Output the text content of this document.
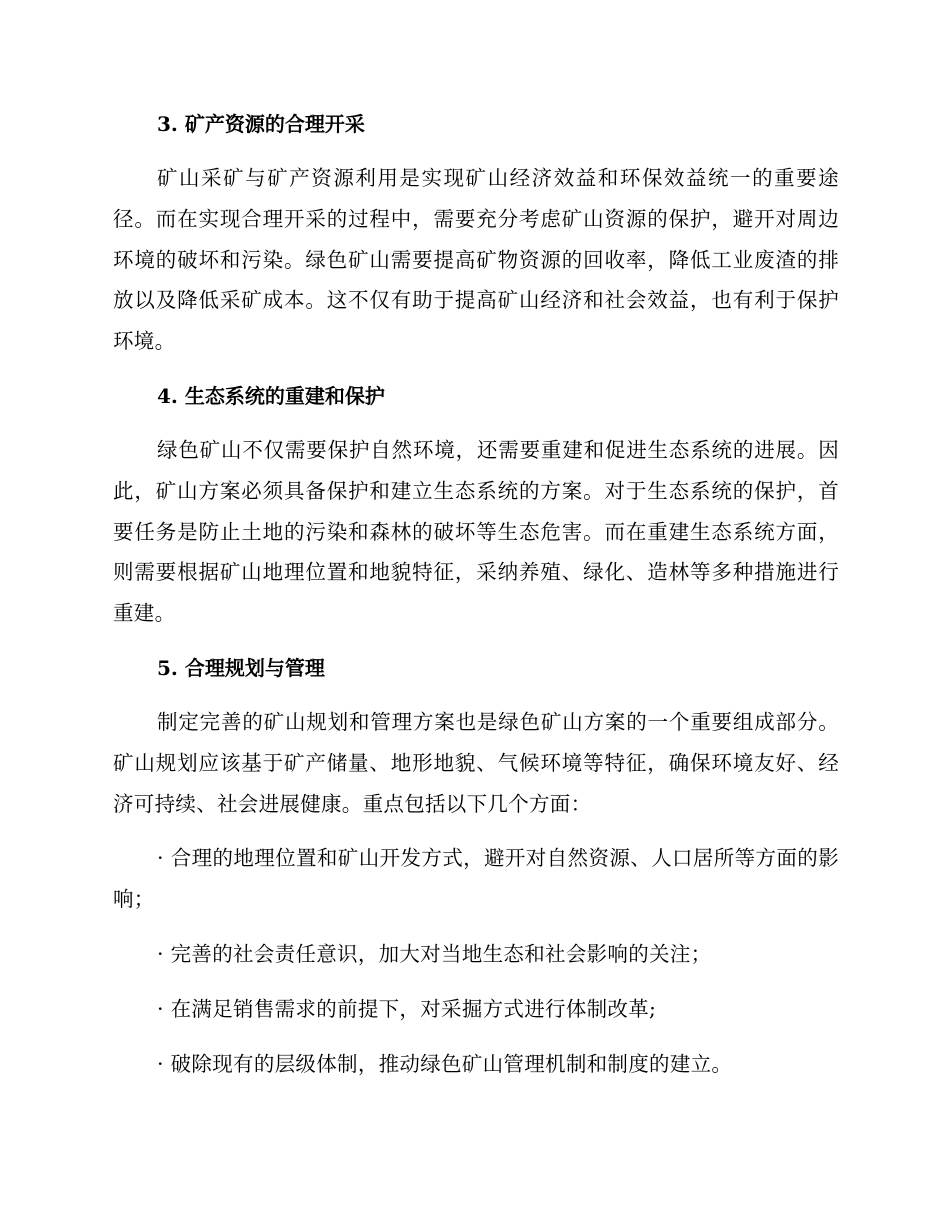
3. 矿产资源的合理开采

矿山采矿与矿产资源利用是实现矿山经济效益和环保效益统一的重要途径。而在实现合理开采的过程中，需要充分考虑矿山资源的保护，避开对周边环境的破坏和污染。绿色矿山需要提高矿物资源的回收率，降低工业废渣的排放以及降低采矿成本。这不仅有助于提高矿山经济和社会效益，也有利于保护环境。

4. 生态系统的重建和保护

绿色矿山不仅需要保护自然环境，还需要重建和促进生态系统的进展。因此，矿山方案必须具备保护和建立生态系统的方案。对于生态系统的保护，首要任务是防止土地的污染和森林的破坏等生态危害。而在重建生态系统方面，则需要根据矿山地理位置和地貌特征，采纳养殖、绿化、造林等多种措施进行重建。

5. 合理规划与管理

制定完善的矿山规划和管理方案也是绿色矿山方案的一个重要组成部分。矿山规划应该基于矿产储量、地形地貌、气候环境等特征，确保环境友好、经济可持续、社会进展健康。重点包括以下几个方面：

· 合理的地理位置和矿山开发方式，避开对自然资源、人口居所等方面的影响；

· 完善的社会责任意识，加大对当地生态和社会影响的关注；

· 在满足销售需求的前提下，对采掘方式进行体制改革;

· 破除现有的层级体制，推动绿色矿山管理机制和制度的建立。
